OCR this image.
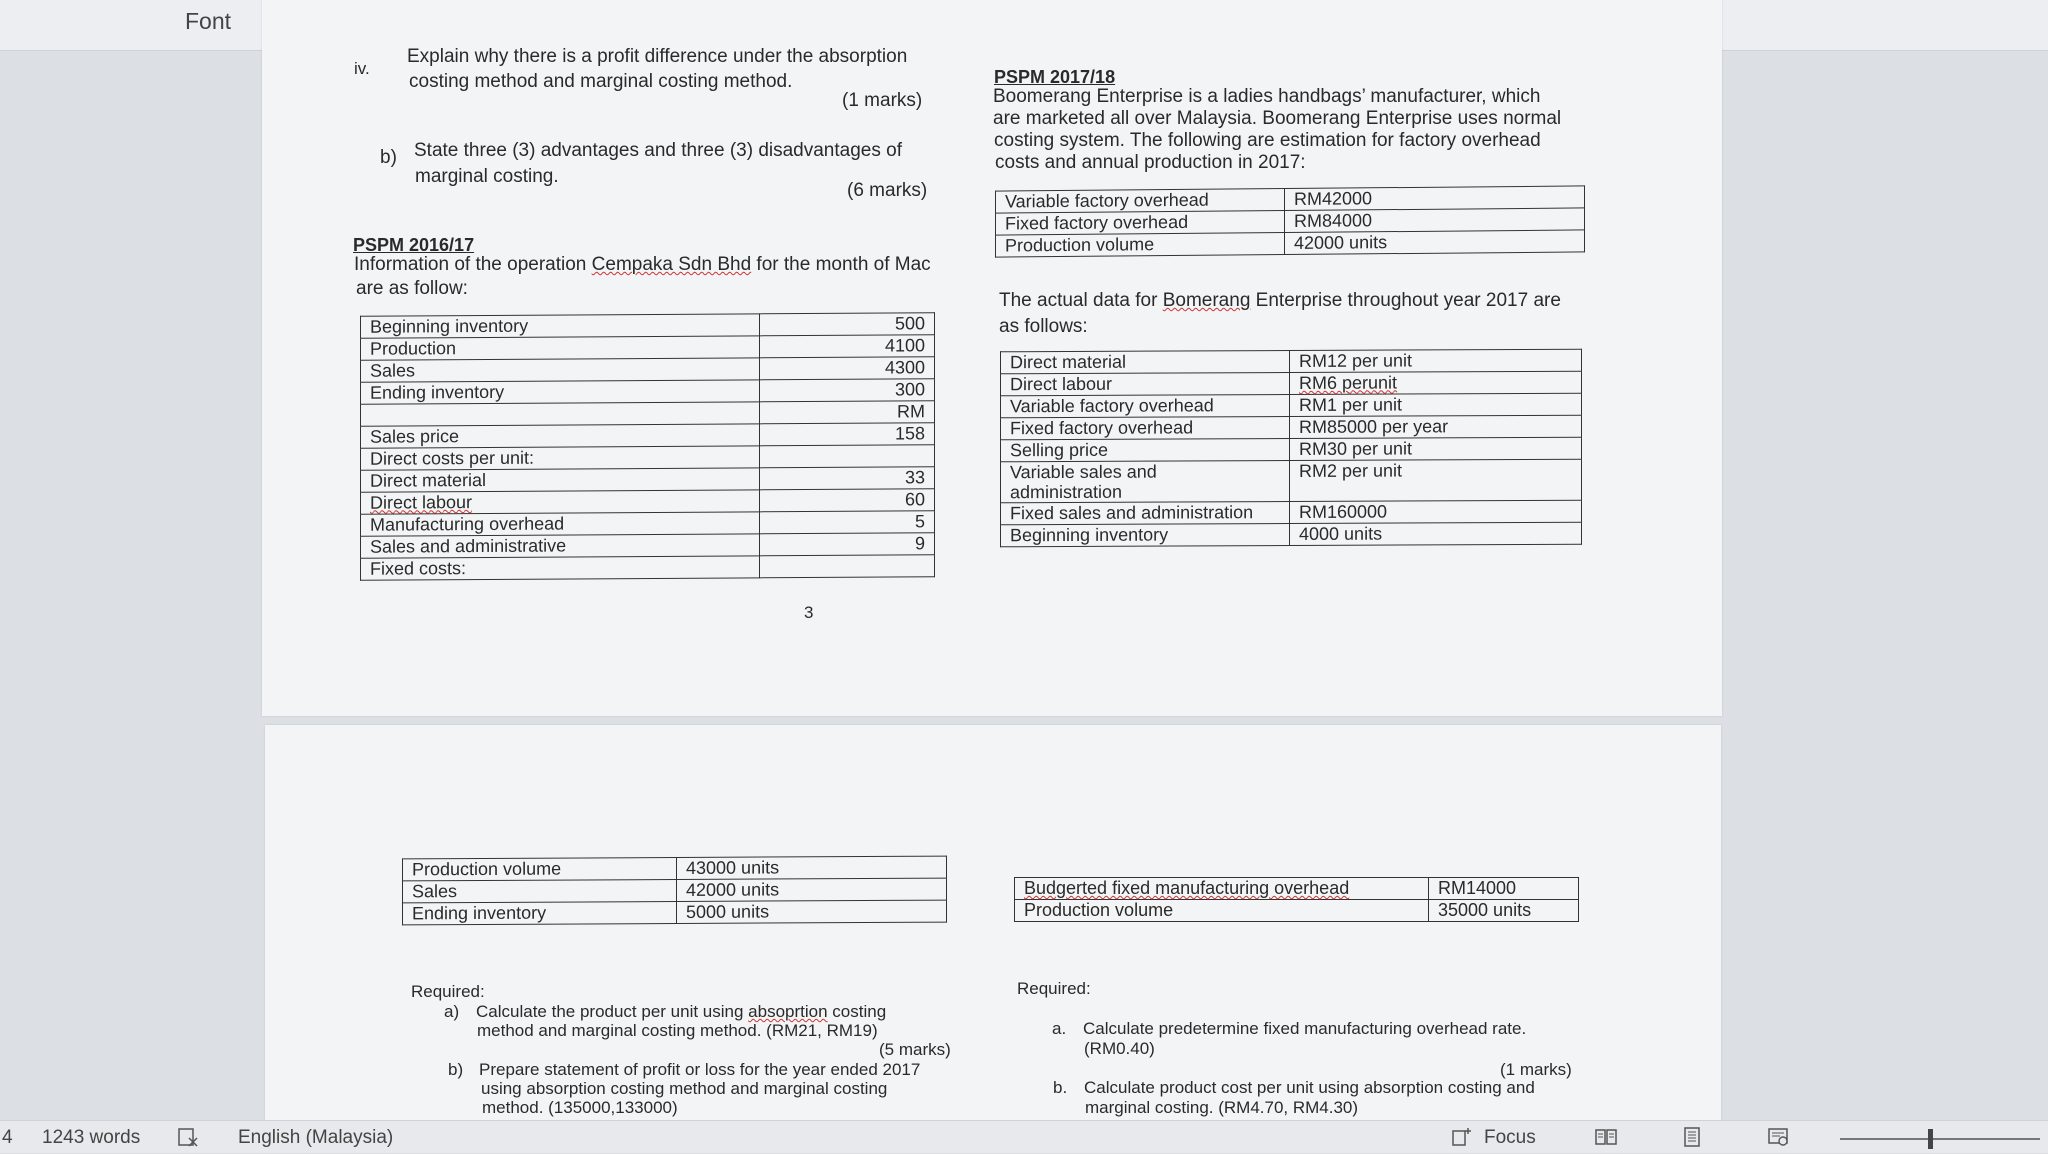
Font
iv.
Explain why there is a profit difference under the absorption
costing method and marginal costing method.
(1 marks)
b) State three (3) advantages and three (3) disadvantages of
marginal costing.
(6 marks)
PSPM 2016/17
Information of the operation Cempaka Sdn Bhd for the month of Mac
are as follow:
Beginning inventory	500
Production	4100
Sales	4300
Ending inventory	300
	RM
Sales price	158
Direct costs per unit:	
Direct material	33
Direct labour	60
Manufacturing overhead	5
Sales and administrative	9
Fixed costs:	
PSPM 2017/18
Boomerang Enterprise is a ladies handbags’ manufacturer, which
are marketed all over Malaysia. Boomerang Enterprise uses normal
costing system. The following are estimation for factory overhead
costs and annual production in 2017:
Variable factory overhead	RM42000
Fixed factory overhead	RM84000
Production volume	42000 units
The actual data for Bomerang Enterprise throughout year 2017 are
as follows:
Direct material	RM12 per unit
Direct labour	RM6 perunit
Variable factory overhead	RM1 per unit
Fixed factory overhead	RM85000 per year
Selling price	RM30 per unit

Variable sales and
administration	RM2 per unit
Fixed sales and administration	RM160000
Beginning inventory	4000 units
3
Production volume	43000 units
Sales	42000 units
Ending inventory	5000 units
Budgerted fixed manufacturing overhead	RM14000
Production volume	35000 units
Required:
a) Calculate the product per unit using absoprtion costing
method and marginal costing method. (RM21, RM19)
(5 marks)
b) Prepare statement of profit or loss for the year ended 2017
using absorption costing method and marginal costing
method. (135000,133000)
Required:
a. Calculate predetermine fixed manufacturing overhead rate.
(RM0.40)
(1 marks)
b. Calculate product cost per unit using absorption costing and
marginal costing. (RM4.70, RM4.30)
4 1243 words	English (Malaysia)	Focus
